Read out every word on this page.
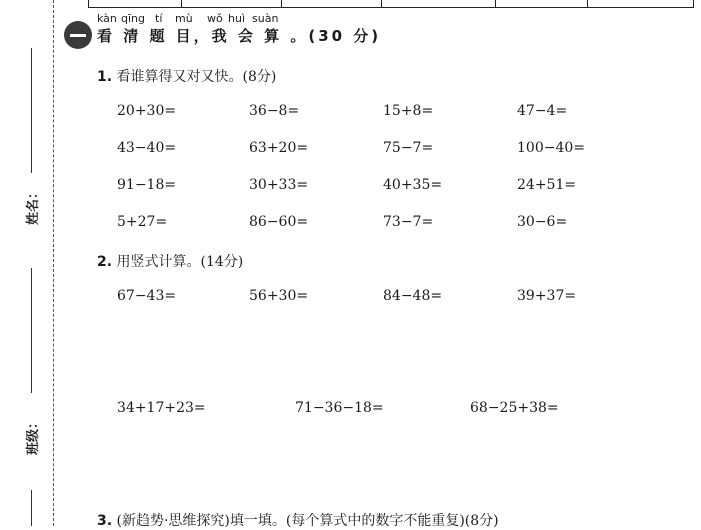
姓名：
班级：
kàn qīng tí mù wǒ huì suàn
看 清 题 目，我 会 算 。(30 分)
1. 看谁算得又对又快。(8分)
20+30=	36−8=	15+8=	47−4=
43−40=	63+20=	75−7=	100−40=
91−18=	30+33=	40+35=	24+51=
5+27=	86−60=	73−7=	30−6=
2. 用竖式计算。(14分)
67−43=	56+30=	84−48=	39+37=
34+17+23=	71−36−18=	68−25+38=
3. (新趋势·思维探究)填一填。(每个算式中的数字不能重复)(8分)
